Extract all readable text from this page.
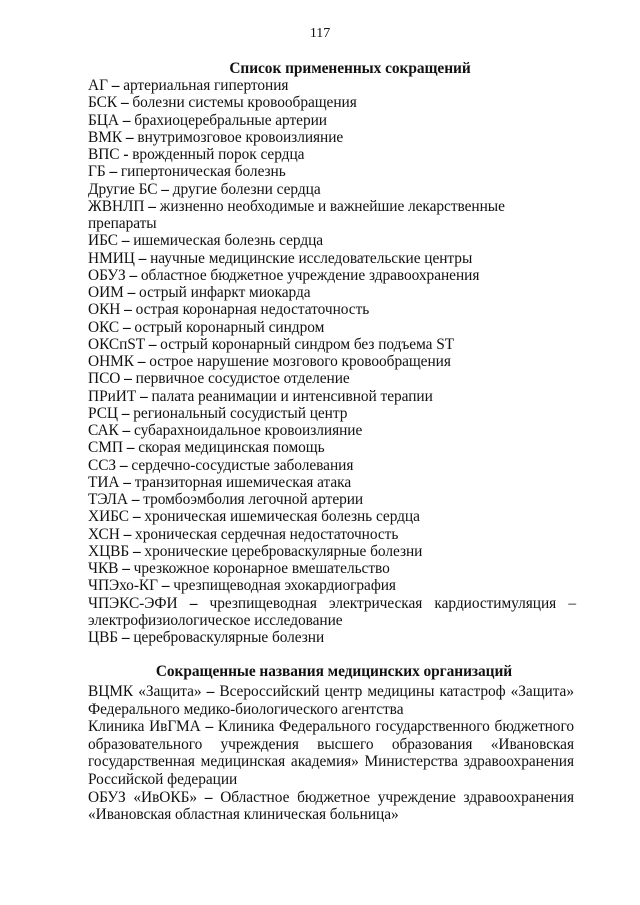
117
Список примененных сокращений
АГ – артериальная гипертония
БСК – болезни системы кровообращения
БЦА – брахиоцеребральные артерии
ВМК – внутримозговое кровоизлияние
ВПС - врожденный порок сердца
ГБ – гипертоническая болезнь
Другие БС – другие болезни сердца
ЖВНЛП – жизненно необходимые и важнейшие лекарственные препараты
ИБС – ишемическая болезнь сердца
НМИЦ – научные медицинские исследовательские центры
ОБУЗ – областное бюджетное учреждение здравоохранения
ОИМ – острый инфаркт миокарда
ОКН – острая коронарная недостаточность
ОКС – острый коронарный синдром
ОКСпST – острый коронарный синдром без подъема ST
ОНМК – острое нарушение мозгового кровообращения
ПСО – первичное сосудистое отделение
ПРиИТ – палата реанимации и интенсивной терапии
РСЦ – региональный сосудистый центр
САК – субарахноидальное кровоизлияние
СМП – скорая медицинская помощь
ССЗ – сердечно-сосудистые заболевания
ТИА – транзиторная ишемическая атака
ТЭЛА – тромбоэмболия легочной артерии
ХИБС – хроническая ишемическая болезнь сердца
ХСН – хроническая сердечная недостаточность
ХЦВБ – хронические цереброваскулярные болезни
ЧКВ – чрезкожное коронарное вмешательство
ЧПЭхо-КГ – чрезпищеводная эхокардиография
ЧПЭКС-ЭФИ – чрезпищеводная электрическая кардиостимуляция – электрофизиологическое исследование
ЦВБ – цереброваскулярные болезни
Сокращенные названия медицинских организаций
ВЦМК «Защита» – Всероссийский центр медицины катастроф «Защита» Федерального медико-биологического агентства
Клиника ИвГМА – Клиника Федерального государственного бюджетного образовательного учреждения высшего образования «Ивановская государственная медицинская академия» Министерства здравоохранения Российской федерации
ОБУЗ «ИвОКБ» – Областное бюджетное учреждение здравоохранения «Ивановская областная клиническая больница»
